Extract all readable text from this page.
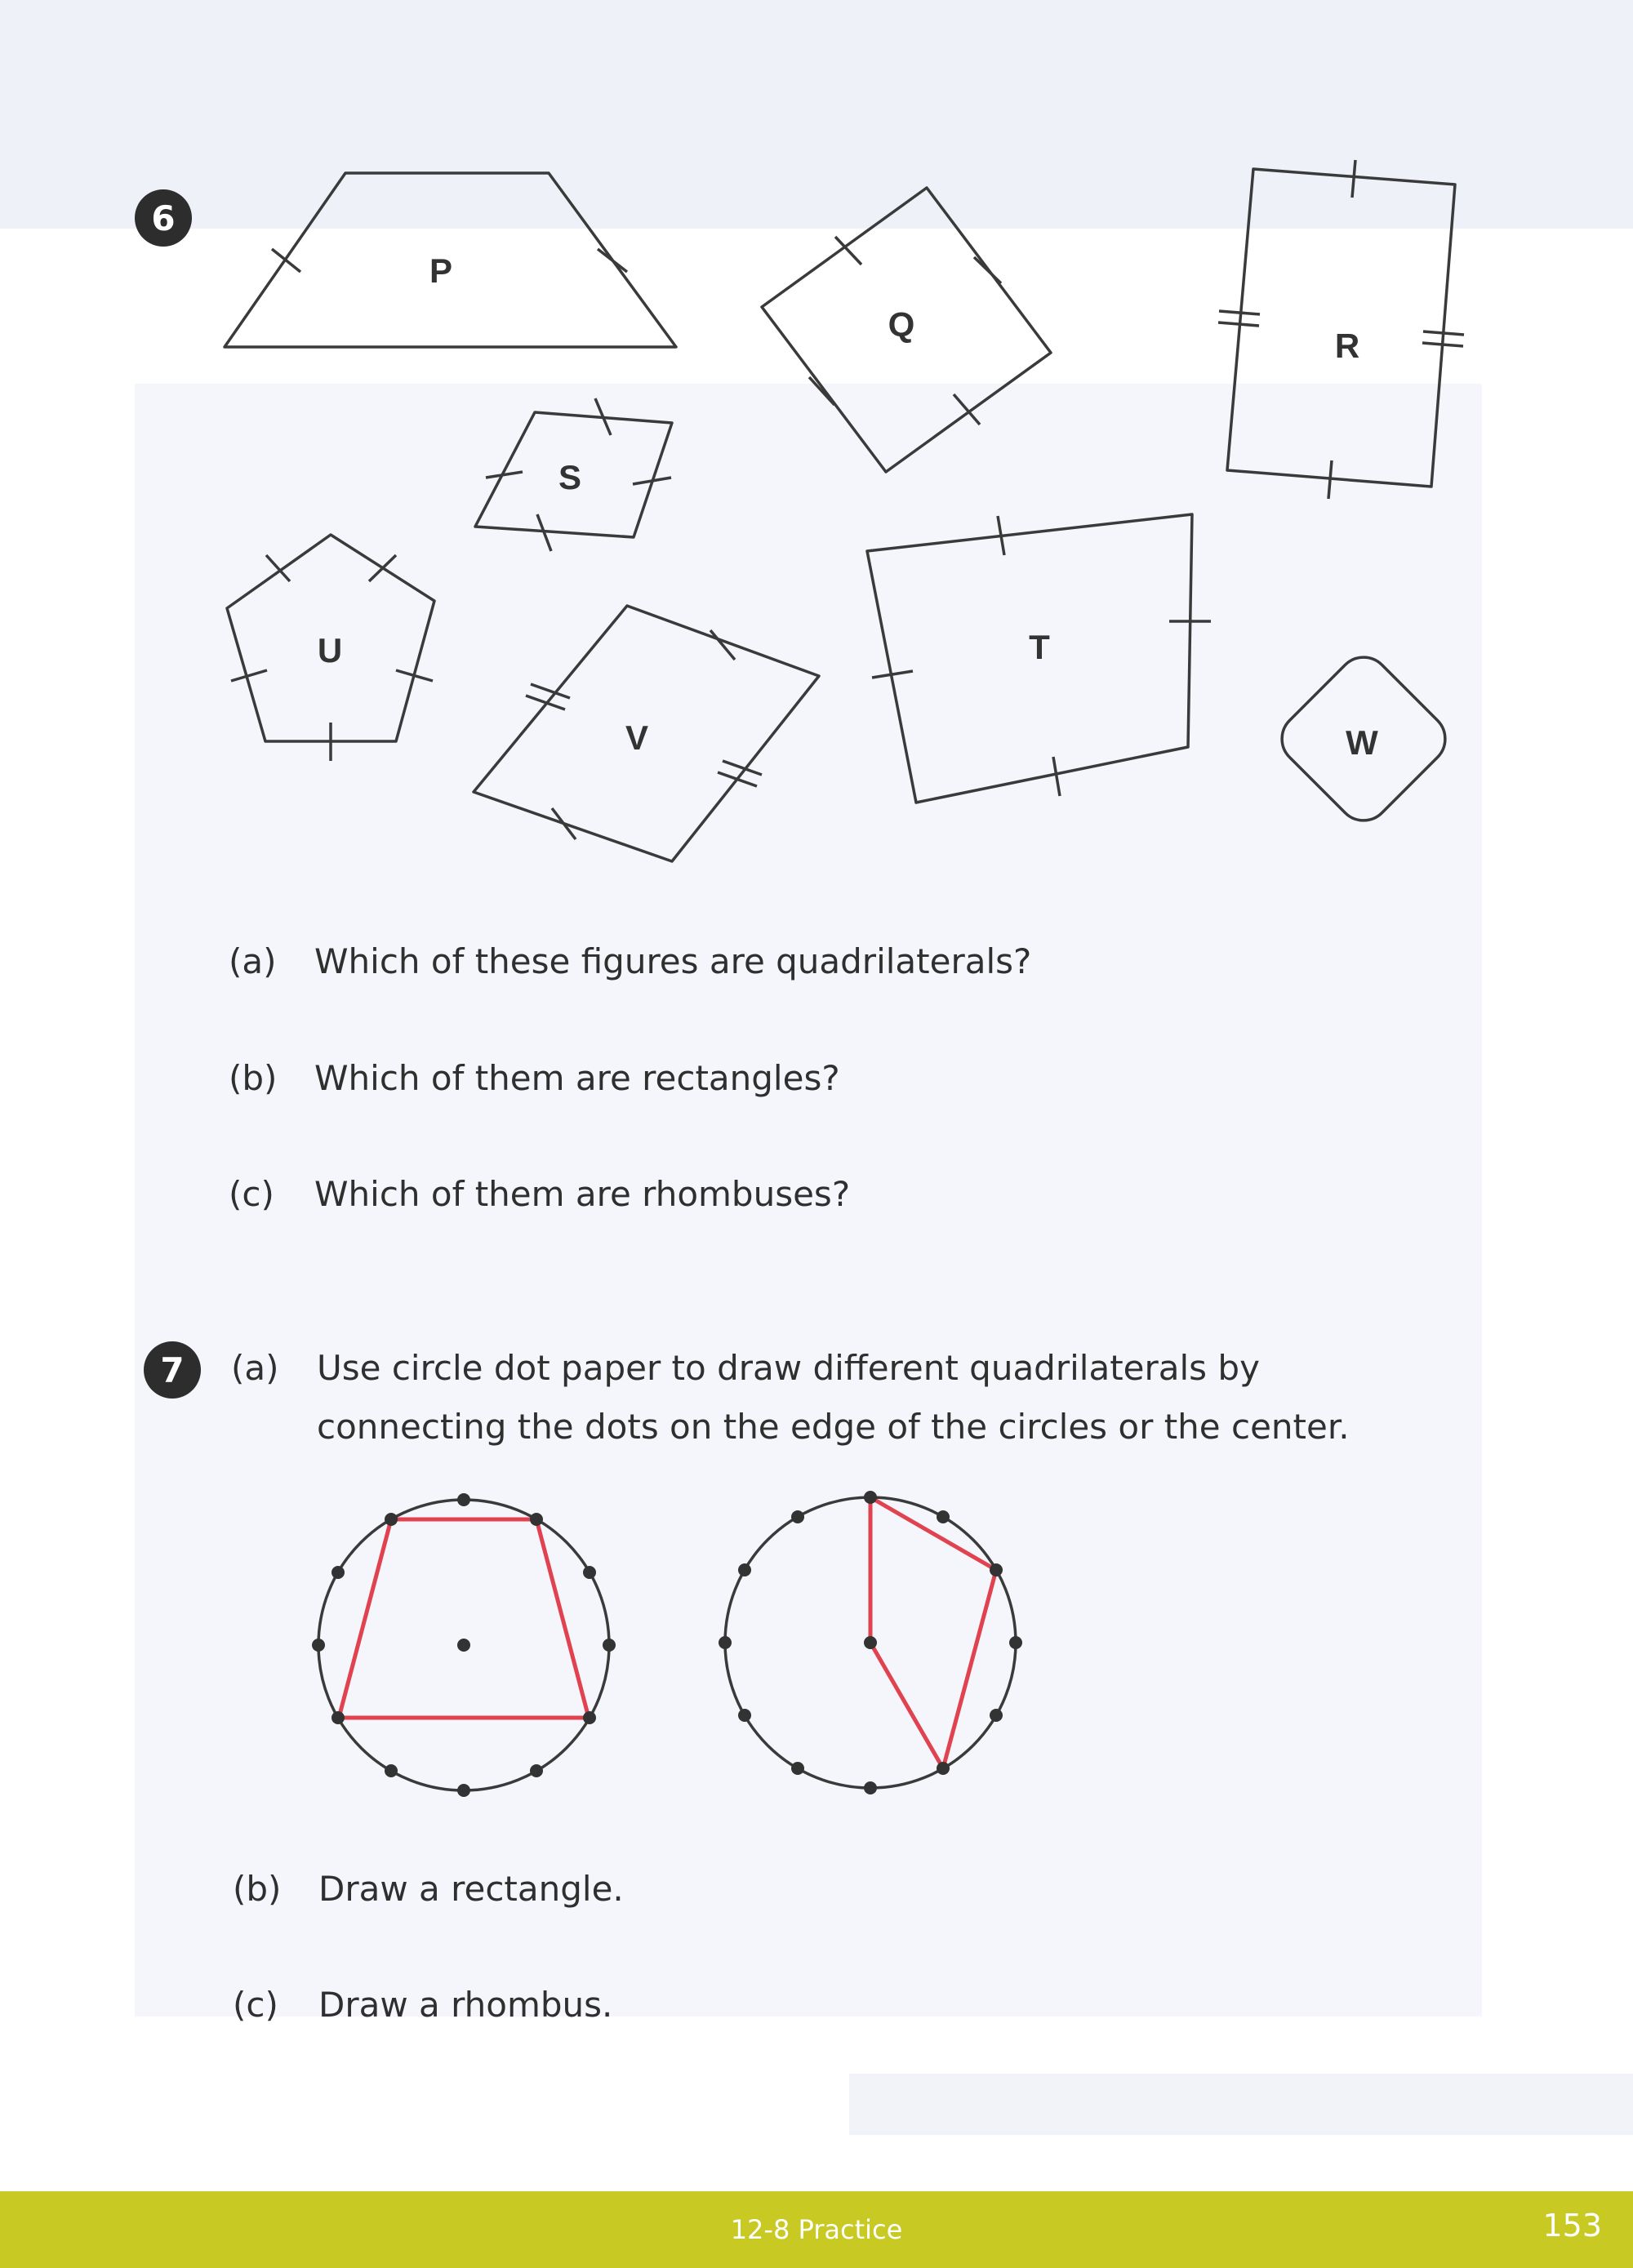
6
P
Q
R
S
T
U
V	W
(a)	Which of these figures are quadrilaterals?
(b)	Which of them are rectangles?
(c)	Which of them are rhombuses?
7 (a)	Use circle dot paper to draw different quadrilaterals by
connecting the dots on the edge of the circles or the center.
(b)	Draw a rectangle.
(c)	Draw a rhombus.
12-8 Practice	153
